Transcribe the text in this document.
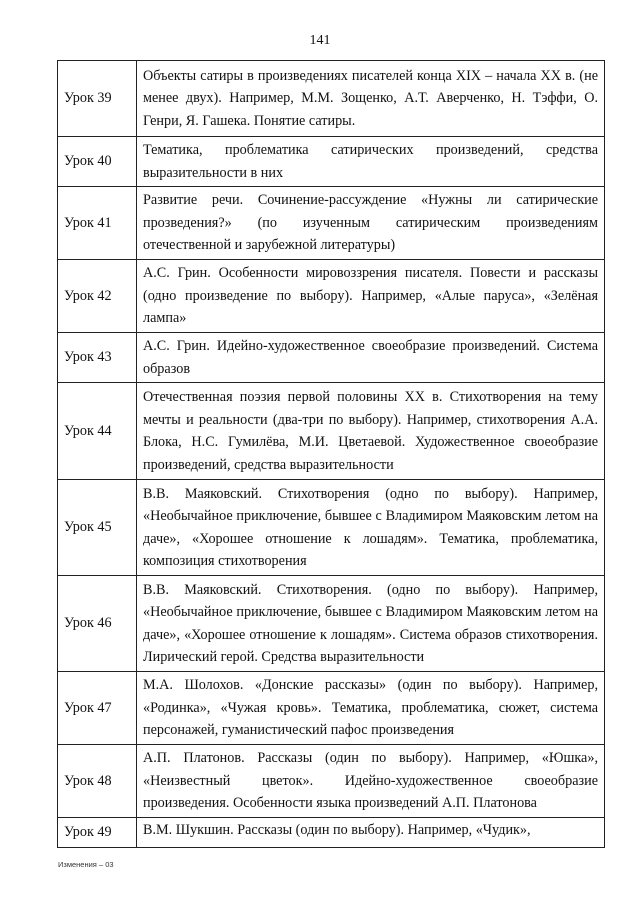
141
Урок 39	Объекты сатиры в произведениях писателей конца XIX – начала XX в. (не менее двух). Например, М.М. Зощенко, А.Т. Аверченко, Н. Тэффи, О. Генри, Я. Гашека. Понятие сатиры.
Урок 40	Тематика, проблематика сатирических произведений, средства выразительности в них
Урок 41	Развитие речи. Сочинение-рассуждение «Нужны ли сатирические прозведения?» (по изученным сатирическим произведениям отечественной и зарубежной литературы)
Урок 42	А.С. Грин. Особенности мировоззрения писателя. Повести и рассказы (одно произведение по выбору). Например, «Алые паруса», «Зелёная лампа»
Урок 43	А.С. Грин. Идейно-художественное своеобразие произведений. Система образов
Урок 44	Отечественная поэзия первой половины XX в. Стихотворения на тему мечты и реальности (два-три по выбору). Например, стихотворения А.А. Блока, Н.С. Гумилёва, М.И. Цветаевой. Художественное своеобразие произведений, средства выразительности
Урок 45	В.В. Маяковский. Стихотворения (одно по выбору). Например, «Необычайное приключение, бывшее с Владимиром Маяковским летом на даче», «Хорошее отношение к лошадям». Тематика, проблематика, композиция стихотворения
Урок 46	В.В. Маяковский. Стихотворения. (одно по выбору). Например, «Необычайное приключение, бывшее с Владимиром Маяковским летом на даче», «Хорошее отношение к лошадям». Система образов стихотворения. Лирический герой. Средства выразительности
Урок 47	М.А. Шолохов. «Донские рассказы» (один по выбору). Например, «Родинка», «Чужая кровь». Тематика, проблематика, сюжет, система персонажей, гуманистический пафос произведения
Урок 48	А.П. Платонов. Рассказы (один по выбору). Например, «Юшка», «Неизвестный цветок». Идейно-художественное своеобразие произведения. Особенности языка произведений А.П. Платонова
Урок 49	В.М. Шукшин. Рассказы (один по выбору). Например, «Чудик»,
Изменения – 03
